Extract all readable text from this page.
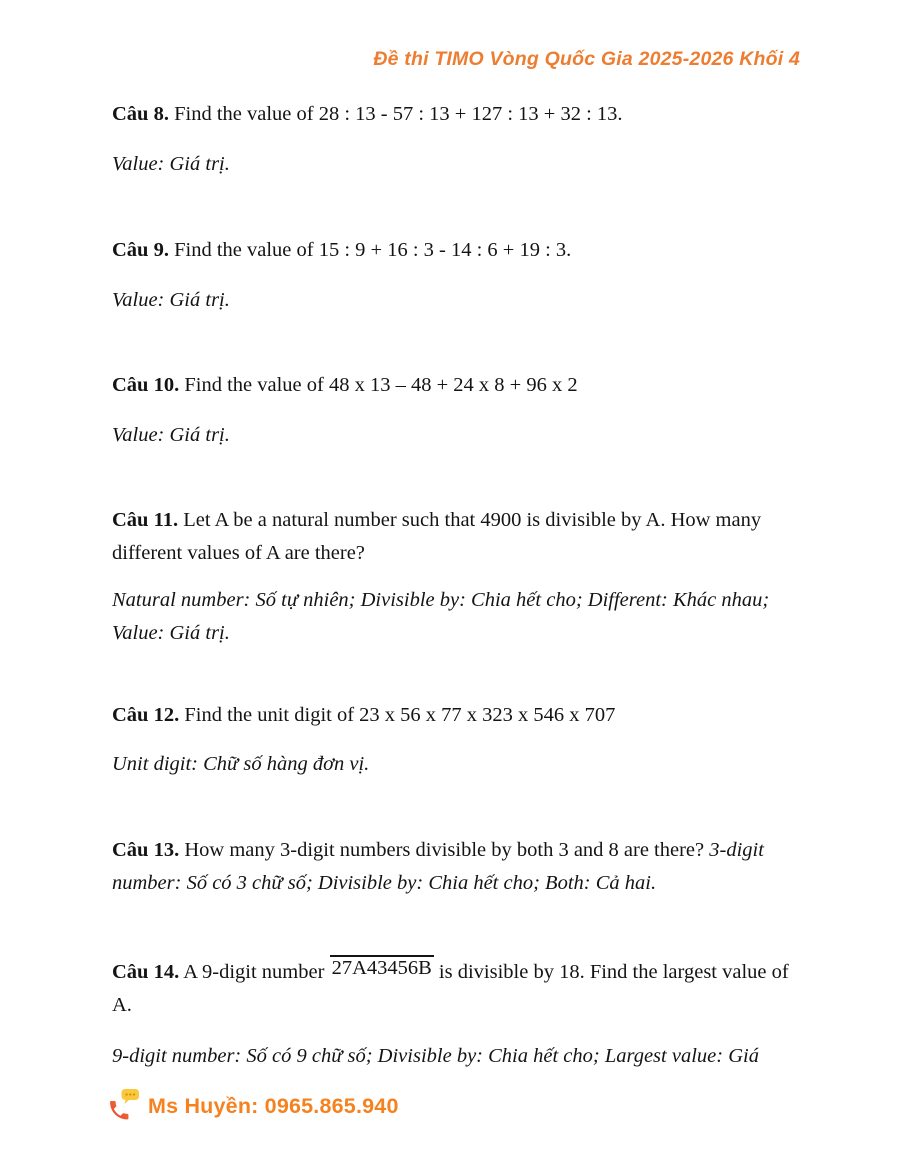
Đề thi TIMO Vòng Quốc Gia 2025-2026 Khối 4

Câu 8. Find the value of 28 : 13 - 57 : 13 + 127 : 13 + 32 : 13.

Value: Giá trị.

Câu 9. Find the value of 15 : 9 + 16 : 3 - 14 : 6 + 19 : 3.

Value: Giá trị.

Câu 10. Find the value of 48 x 13 – 48 + 24 x 8 + 96 x 2

Value: Giá trị.

Câu 11. Let A be a natural number such that 4900 is divisible by A. How many different values of A are there?

Natural number: Số tự nhiên; Divisible by: Chia hết cho; Different: Khác nhau; Value: Giá trị.

Câu 12. Find the unit digit of 23 x 56 x 77 x 323 x 546 x 707

Unit digit: Chữ số hàng đơn vị.

Câu 13. How many 3-digit numbers divisible by both 3 and 8 are there? 3-digit number: Số có 3 chữ số; Divisible by: Chia hết cho; Both: Cả hai.

Câu 14. A 9-digit number 27A43456B is divisible by 18. Find the largest value of A.

9-digit number: Số có 9 chữ số; Divisible by: Chia hết cho; Largest value: Giá

Ms Huyền: 0965.865.940
